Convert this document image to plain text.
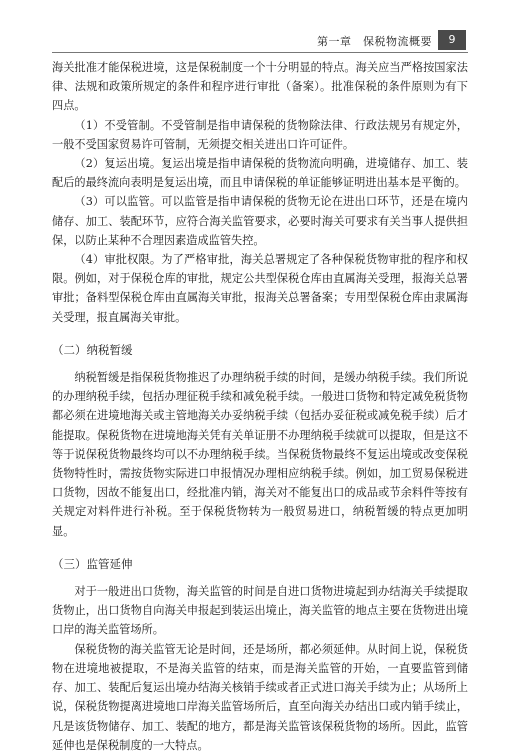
第一章　保税物流概要	9

海关批准才能保税进境，这是保税制度一个十分明显的特点。海关应当严格按国家法律、法规和政策所规定的条件和程序进行审批（备案）。批准保税的条件原则为有下四点。

（1）不受管制。不受管制是指申请保税的货物除法律、行政法规另有规定外，一般不受国家贸易许可管制，无须提交相关进出口许可证件。

（2）复运出境。复运出境是指申请保税的货物流向明确，进境储存、加工、装配后的最终流向表明是复运出境，而且申请保税的单证能够证明进出基本是平衡的。

（3）可以监管。可以监管是指申请保税的货物无论在进出口环节，还是在境内储存、加工、装配环节，应符合海关监管要求，必要时海关可要求有关当事人提供担保，以防止某种不合理因素造成监管失控。

（4）审批权限。为了严格审批，海关总署规定了各种保税货物审批的程序和权限。例如，对于保税仓库的审批，规定公共型保税仓库由直属海关受理，报海关总署审批；备料型保税仓库由直属海关审批，报海关总署备案；专用型保税仓库由隶属海关受理，报直属海关审批。

（二）纳税暂缓

纳税暂缓是指保税货物推迟了办理纳税手续的时间，是缓办纳税手续。我们所说的办理纳税手续，包括办理征税手续和减免税手续。一般进口货物和特定减免税货物都必须在进境地海关或主管地海关办妥纳税手续（包括办妥征税或减免税手续）后才能提取。保税货物在进境地海关凭有关单证册不办理纳税手续就可以提取，但是这不等于说保税货物最终均可以不办理纳税手续。当保税货物最终不复运出境或改变保税货物特性时，需按货物实际进口申报情况办理相应纳税手续。例如，加工贸易保税进口货物，因故不能复出口，经批准内销，海关对不能复出口的成品或节余料件等按有关规定对料件进行补税。至于保税货物转为一般贸易进口，纳税暂缓的特点更加明显。

（三）监管延伸

对于一般进出口货物，海关监管的时间是自进口货物进境起到办结海关手续提取货物止，出口货物自向海关申报起到装运出境止，海关监管的地点主要在货物进出境口岸的海关监管场所。

保税货物的海关监管无论是时间，还是场所，都必须延伸。从时间上说，保税货物在进境地被提取，不是海关监管的结束，而是海关监管的开始，一直要监管到储存、加工、装配后复运出境办结海关核销手续或者正式进口海关手续为止；从场所上说，保税货物提离进境地口岸海关监管场所后，直至向海关办结出口或内销手续止，凡是该货物储存、加工、装配的地方，都是海关监管该保税货物的场所。因此，监管延伸也是保税制度的一大特点。
